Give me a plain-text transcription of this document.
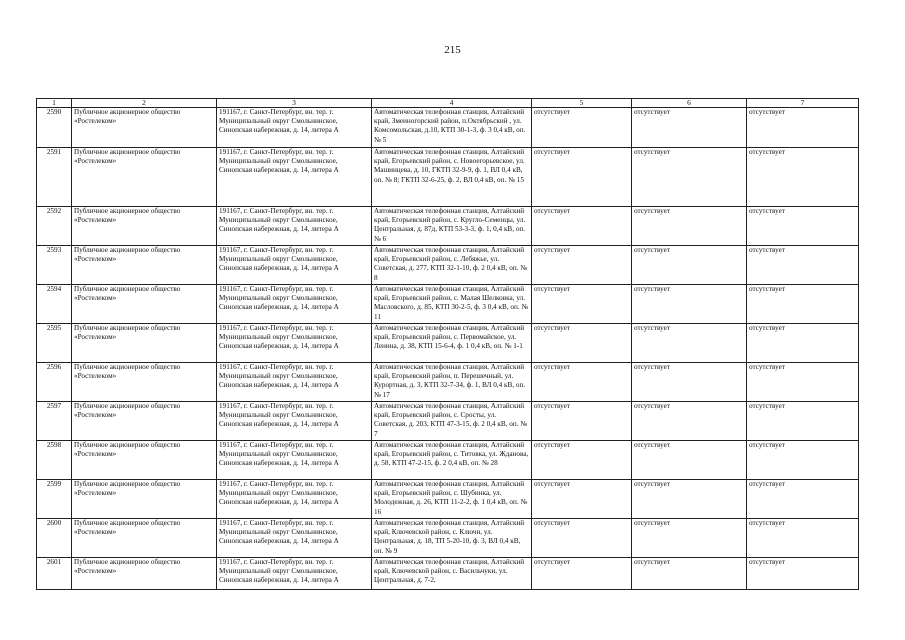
215
1	2	3	4	5	6	7
2590	Публичное акционерное общество «Ростелеком»	191167, г. Санкт-Петербург, вн. тер. г. Муниципальный округ Смольнинское, Синопская набережная, д. 14, литера А	Автоматическая телефонная станция, Алтайский край, Змеиногорский район, п.Октябрьский , ул. Комсомольская, д.10, КТП 30-1-3, ф. 3 0,4 кВ, оп. № 5	отсутствует	отсутствует	отсутствует
2591	Публичное акционерное общество «Ростелеком»	191167, г. Санкт-Петербург, вн. тер. г. Муниципальный округ Смольнинское, Синопская набережная, д. 14, литера А	Автоматическая телефонная станция, Алтайский край, Егорьевский район, с. Новоегорьевское, ул. Машинцева, д. 10, ГКТП 32-9-9, ф. 1, ВЛ 0,4 кВ, оп. № 8; ГКТП 32-6-25, ф. 2, ВЛ 0,4 кВ, оп. № 15	отсутствует	отсутствует	отсутствует
2592	Публичное акционерное общество «Ростелеком»	191167, г. Санкт-Петербург, вн. тер. г. Муниципальный округ Смольнинское, Синопская набережная, д. 14, литера А	Автоматическая телефонная станция, Алтайский край, Егорьевский район, с. Кругло-Семенцы, ул. Центральная, д. 87д, КТП 53-3-3, ф. 1, 0,4 кВ, оп. № 6	отсутствует	отсутствует	отсутствует
2593	Публичное акционерное общество «Ростелеком»	191167, г. Санкт-Петербург, вн. тер. г. Муниципальный округ Смольнинское, Синопская набережная, д. 14, литера А	Автоматическая телефонная станция, Алтайский край, Егорьевский район, с. Лебяжье, ул. Советская, д. 277, КТП 32-1-10, ф. 2 0,4 кВ, оп. № 8	отсутствует	отсутствует	отсутствует
2594	Публичное акционерное общество «Ростелеком»	191167, г. Санкт-Петербург, вн. тер. г. Муниципальный округ Смольнинское, Синопская набережная, д. 14, литера А	Автоматическая телефонная станция, Алтайский край, Егорьевский район, с. Малая Шелковка, ул. Масловского, д. 85, КТП 30-2-5, ф. 3 0,4 кВ, оп. № 11	отсутствует	отсутствует	отсутствует
2595	Публичное акционерное общество «Ростелеком»	191167, г. Санкт-Петербург, вн. тер. г. Муниципальный округ Смольнинское, Синопская набережная, д. 14, литера А	Автоматическая телефонная станция, Алтайский край, Егорьевский район, с. Первомайское, ул. Ленина, д. 38, КТП 15-6-4, ф. 1 0,4 кВ, оп. № 1-1	отсутствует	отсутствует	отсутствует
2596	Публичное акционерное общество «Ростелеком»	191167, г. Санкт-Петербург, вн. тер. г. Муниципальный округ Смольнинское, Синопская набережная, д. 14, литера А	Автоматическая телефонная станция, Алтайский край, Егорьевский район, п. Перешечный, ул. Курортная, д. 3, КТП 32-7-34, ф. 1, ВЛ 0,4 кВ, оп. № 17	отсутствует	отсутствует	отсутствует
2597	Публичное акционерное общество «Ростелеком»	191167, г. Санкт-Петербург, вн. тер. г. Муниципальный округ Смольнинское, Синопская набережная, д. 14, литера А	Автоматическая телефонная станция, Алтайский край, Егорьевский район, с. Сросты, ул. Советская, д. 203, КТП 47-3-15, ф. 2 0,4 кВ, оп. № 7	отсутствует	отсутствует	отсутствует
2598	Публичное акционерное общество «Ростелеком»	191167, г. Санкт-Петербург, вн. тер. г. Муниципальный округ Смольнинское, Синопская набережная, д. 14, литера А	Автоматическая телефонная станция, Алтайский край, Егорьевский район, с. Титовка, ул. Жданова, д. 58, КТП 47-2-15, ф. 2 0,4 кВ, оп. № 28	отсутствует	отсутствует	отсутствует
2599	Публичное акционерное общество «Ростелеком»	191167, г. Санкт-Петербург, вн. тер. г. Муниципальный округ Смольнинское, Синопская набережная, д. 14, литера А	Автоматическая телефонная станция, Алтайский край, Егорьевский район, с. Шубинка, ул. Молодежная, д. 26, КТП 11-2-2, ф. 1 0,4 кВ, оп. № 16	отсутствует	отсутствует	отсутствует
2600	Публичное акционерное общество «Ростелеком»	191167, г. Санкт-Петербург, вн. тер. г. Муниципальный округ Смольнинское, Синопская набережная, д. 14, литера А	Автоматическая телефонная станция, Алтайский край, Ключевской район, с. Ключи, ул. Центральная, д. 18, ТП 5-20-10, ф. 3, ВЛ 0,4 кВ, оп. № 9	отсутствует	отсутствует	отсутствует
2601	Публичное акционерное общество «Ростелеком»	191167, г. Санкт-Петербург, вн. тер. г. Муниципальный округ Смольнинское, Синопская набережная, д. 14, литера А	Автоматическая телефонная станция, Алтайский край, Ключевской район, с. Васильчуки, ул. Центральная, д. 7-2,	отсутствует	отсутствует	отсутствует
